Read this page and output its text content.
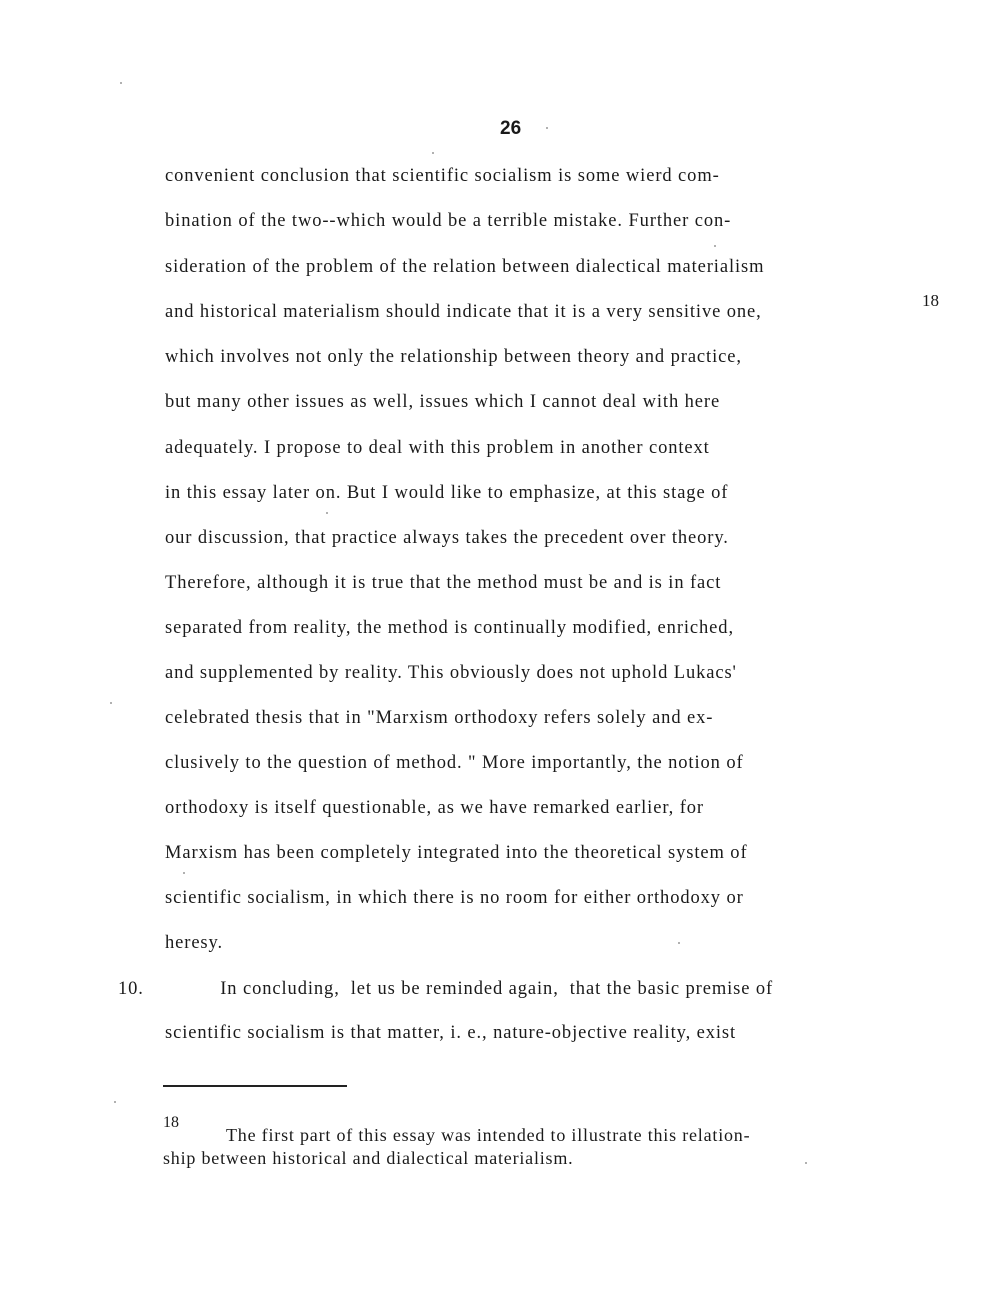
26
convenient conclusion that scientific socialism is some wierd com-
bination of the two--which would be a terrible mistake. Further con-
sideration of the problem of the relation between dialectical materialism
and historical materialism should indicate that it is a very sensitive one,
which involves not only the relationship between theory and practice,
but many other issues as well, issues which I cannot deal with here
adequately. I propose to deal with this problem in another context
in this essay later on. But I would like to emphasize, at this stage of
our discussion, that practice always takes the precedent over theory.
Therefore, although it is true that the method must be and is in fact
separated from reality, the method is continually modified, enriched,
and supplemented by reality. This obviously does not uphold Lukacs'
celebrated thesis that in "Marxism orthodoxy refers solely and ex-
clusively to the question of method. " More importantly, the notion of
orthodoxy is itself questionable, as we have remarked earlier, for
Marxism has been completely integrated into the theoretical system of
scientific socialism, in which there is no room for either orthodoxy or
heresy.
In concluding,  let us be reminded again,  that the basic premise of
scientific socialism is that matter, i. e., nature-objective reality, exist
10.
18
18
The first part of this essay was intended to illustrate this relation-
ship between historical and dialectical materialism.
